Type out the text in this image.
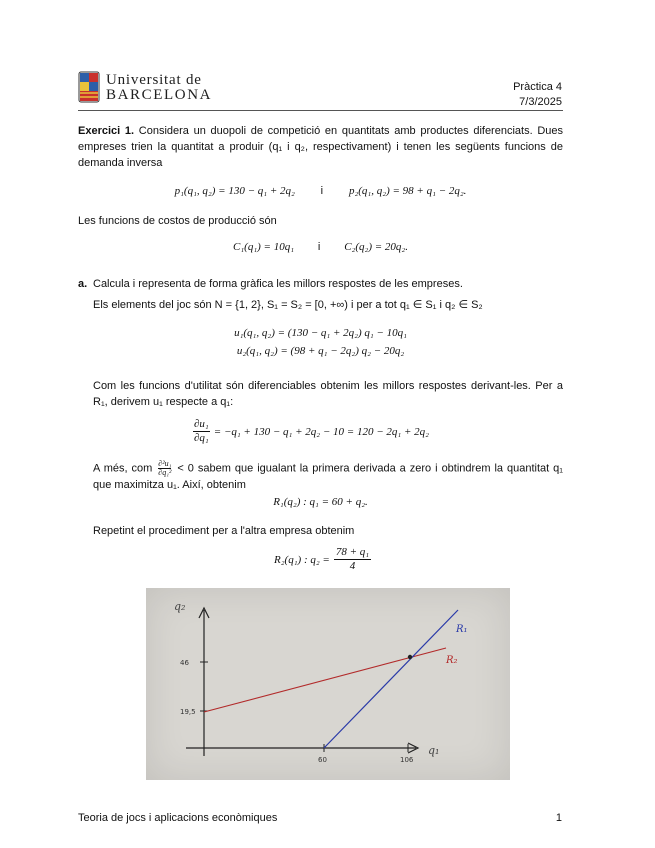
Universitat de
BARCELONA	Pràctica 4
7/3/2025
Exercici 1. Considera un duopoli de competició en quantitats amb productes diferenciats. Dues empreses trien la quantitat a produir (q₁ i q₂, respectivament) i tenen les següents funcions de demanda inversa
p₁(q₁, q₂) = 130 − q₁ + 2q₂ i p₂(q₁, q₂) = 98 + q₁ − 2q₂.
Les funcions de costos de producció són
C₁(q₁) = 10q₁ i C₂(q₂) = 20q₂.
a. Calcula i representa de forma gràfica les millors respostes de les empreses.
Els elements del joc són N = {1, 2}, S₁ = S₂ = [0, +∞) i per a tot q₁ ∈ S₁ i q₂ ∈ S₂
u₁(q₁, q₂) = (130 − q₁ + 2q₂) q₁ − 10q₁
u₂(q₁, q₂) = (98 + q₁ − 2q₂) q₂ − 20q₂
Com les funcions d'utilitat són diferenciables obtenim les millors respostes derivant-les. Per a R₁, derivem u₁ respecte a q₁:
$\frac{\text{∂u₁}}{\text{∂q₁}} = -q_1 + 130 - q_1 + 2q_2 - 10 = 120 - 2q_1 + 2q_2$
A més, com $\frac{\text{∂²u₁}}{\text{∂q₁²}} < 0$ sabem que igualant la primera derivada a zero i obtindrem la quantitat q₁ que maximitza u₁. Així, obtenim
R₁(q₂) : q₁ = 60 + q₂.
Repetint el procediment per a l'altra empresa obtenim
R₂(q₁) : $q_2 = \frac{\text{78 + q₁}}{4}$
q₂
q₁
46
19,5
60	106
R₁
R₂
Teoria de jocs i aplicacions econòmiques	1
